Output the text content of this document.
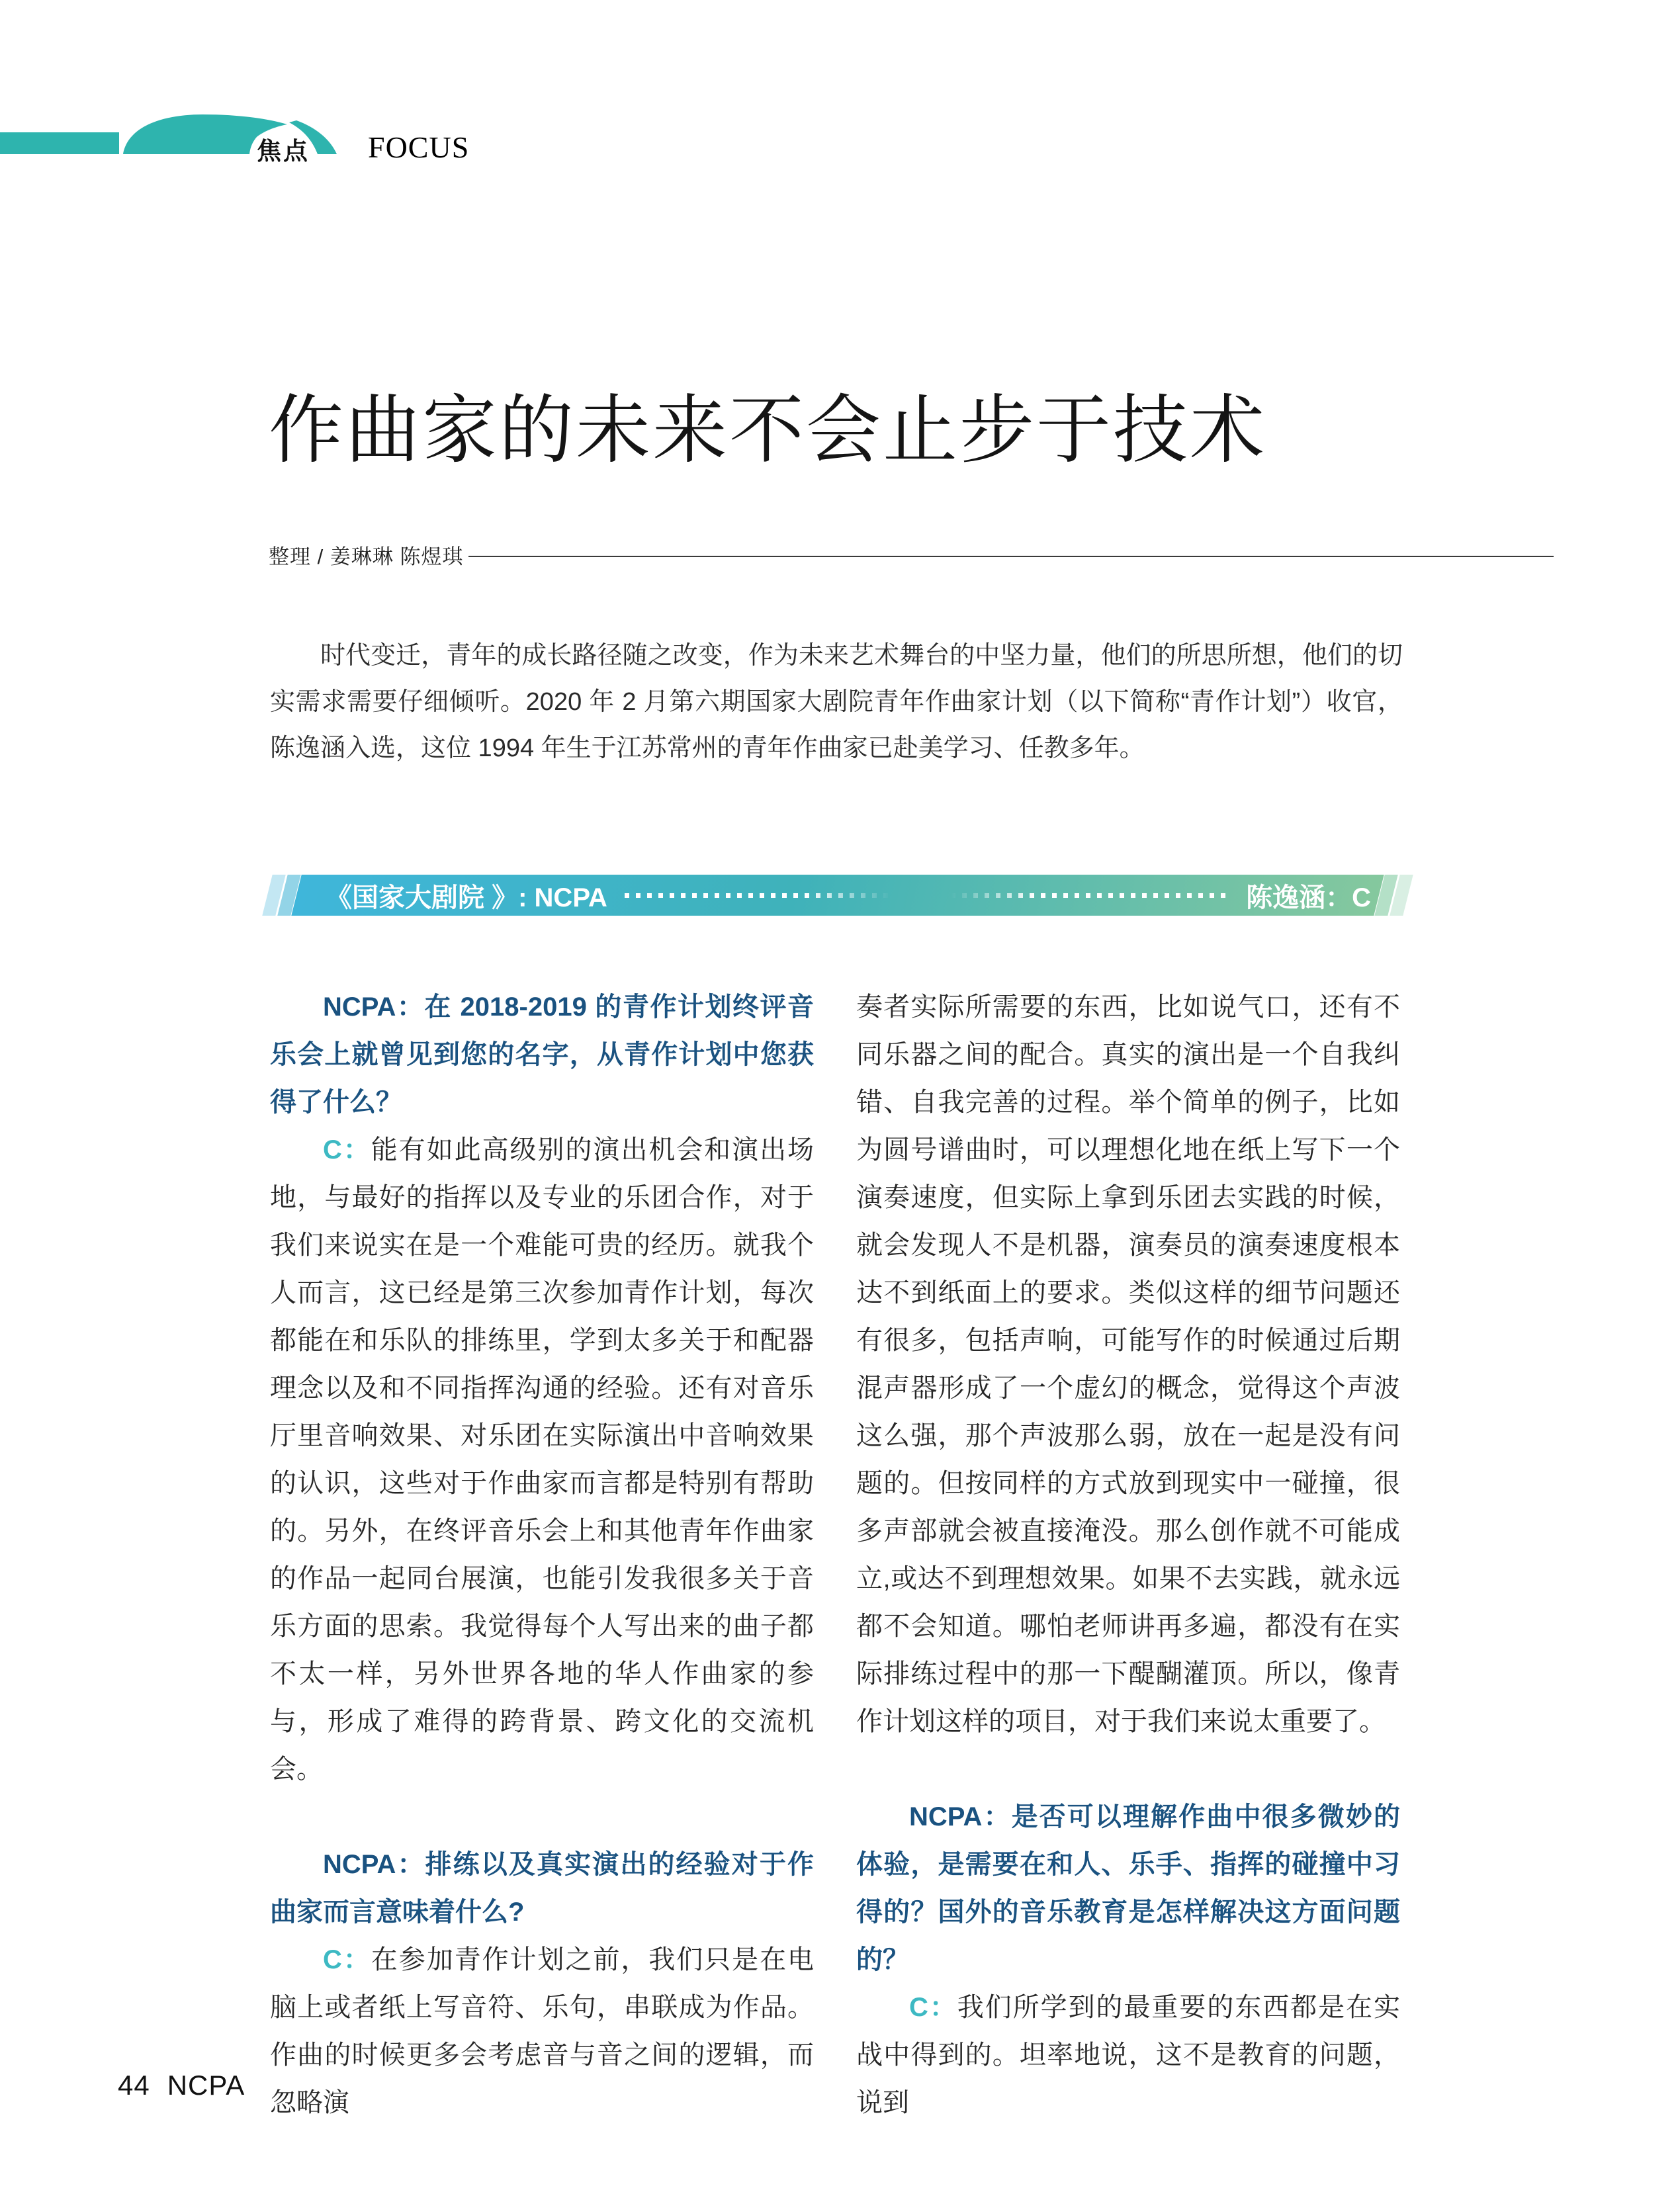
焦点 FOCUS
作曲家的未来不会止步于技术
整理 / 姜琳琳 陈煜琪

时代变迁，青年的成长路径随之改变，作为未来艺术舞台的中坚力量，他们的所思所想，他们的切实需求需要仔细倾听。2020 年 2 月第六期国家大剧院青年作曲家计划（以下简称“青作计划”）收官，陈逸涵入选，这位 1994 年生于江苏常州的青年作曲家已赴美学习、任教多年。

《国家大剧院 》: NCPA	陈逸涵：C

NCPA：在 2018-2019 的青作计划终评音乐会上就曾见到您的名字，从青作计划中您获得了什么？

C：能有如此高级别的演出机会和演出场地，与最好的指挥以及专业的乐团合作，对于我们来说实在是一个难能可贵的经历。就我个人而言，这已经是第三次参加青作计划，每次都能在和乐队的排练里，学到太多关于和配器理念以及和不同指挥沟通的经验。还有对音乐厅里音响效果、对乐团在实际演出中音响效果的认识，这些对于作曲家而言都是特别有帮助的。另外，在终评音乐会上和其他青年作曲家的作品一起同台展演，也能引发我很多关于音乐方面的思索。我觉得每个人写出来的曲子都不太一样，另外世界各地的华人作曲家的参与，形成了难得的跨背景、跨文化的交流机会。

NCPA：排练以及真实演出的经验对于作曲家而言意味着什么?

C：在参加青作计划之前，我们只是在电脑上或者纸上写音符、乐句，串联成为作品。作曲的时候更多会考虑音与音之间的逻辑，而忽略演

奏者实际所需要的东西，比如说气口，还有不同乐器之间的配合。真实的演出是一个自我纠错、自我完善的过程。举个简单的例子，比如为圆号谱曲时，可以理想化地在纸上写下一个演奏速度，但实际上拿到乐团去实践的时候，就会发现人不是机器，演奏员的演奏速度根本达不到纸面上的要求。类似这样的细节问题还有很多，包括声响，可能写作的时候通过后期混声器形成了一个虚幻的概念，觉得这个声波这么强，那个声波那么弱，放在一起是没有问题的。但按同样的方式放到现实中一碰撞，很多声部就会被直接淹没。那么创作就不可能成立,或达不到理想效果。如果不去实践，就永远都不会知道。哪怕老师讲再多遍，都没有在实际排练过程中的那一下醍醐灌顶。所以，像青作计划这样的项目，对于我们来说太重要了。

NCPA：是否可以理解作曲中很多微妙的体验，是需要在和人、乐手、指挥的碰撞中习得的？国外的音乐教育是怎样解决这方面问题的？

C：我们所学到的最重要的东西都是在实战中得到的。坦率地说，这不是教育的问题，说到

44 NCPA
